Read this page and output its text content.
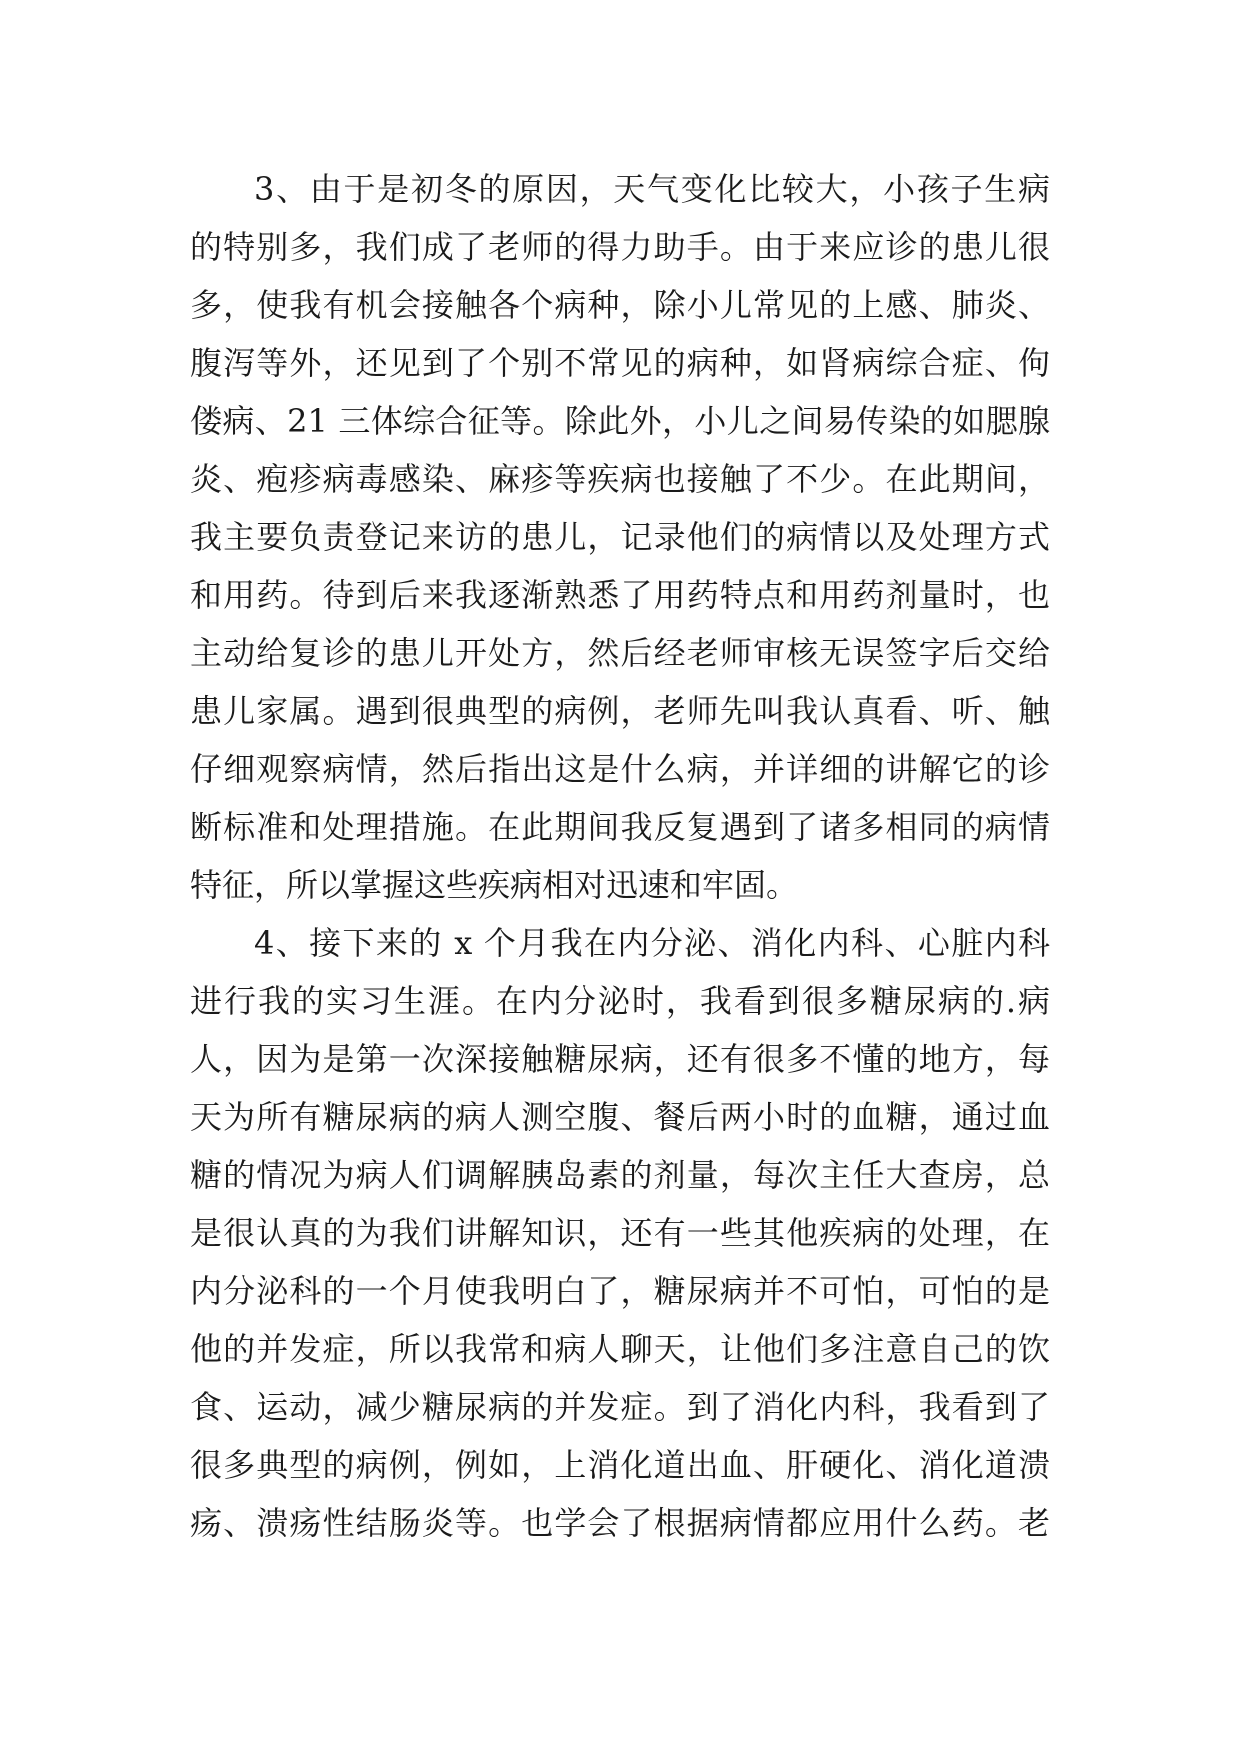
3、由于是初冬的原因，天气变化比较大，小孩子生病
的特别多，我们成了老师的得力助手。由于来应诊的患儿很
多，使我有机会接触各个病种，除小儿常见的上感、肺炎、
腹泻等外，还见到了个别不常见的病种，如肾病综合症、佝
偻病、21 三体综合征等。除此外，小儿之间易传染的如腮腺
炎、疱疹病毒感染、麻疹等疾病也接触了不少。在此期间，
我主要负责登记来访的患儿，记录他们的病情以及处理方式
和用药。待到后来我逐渐熟悉了用药特点和用药剂量时，也
主动给复诊的患儿开处方，然后经老师审核无误签字后交给
患儿家属。遇到很典型的病例，老师先叫我认真看、听、触
仔细观察病情，然后指出这是什么病，并详细的讲解它的诊
断标准和处理措施。在此期间我反复遇到了诸多相同的病情
特征，所以掌握这些疾病相对迅速和牢固。
4、接下来的 x 个月我在内分泌、消化内科、心脏内科
进行我的实习生涯。在内分泌时，我看到很多糖尿病的.病
人，因为是第一次深接触糖尿病，还有很多不懂的地方，每
天为所有糖尿病的病人测空腹、餐后两小时的血糖，通过血
糖的情况为病人们调解胰岛素的剂量，每次主任大查房，总
是很认真的为我们讲解知识，还有一些其他疾病的处理，在
内分泌科的一个月使我明白了，糖尿病并不可怕，可怕的是
他的并发症，所以我常和病人聊天，让他们多注意自己的饮
食、运动，减少糖尿病的并发症。到了消化内科，我看到了
很多典型的病例，例如，上消化道出血、肝硬化、消化道溃
疡、溃疡性结肠炎等。也学会了根据病情都应用什么药。老
